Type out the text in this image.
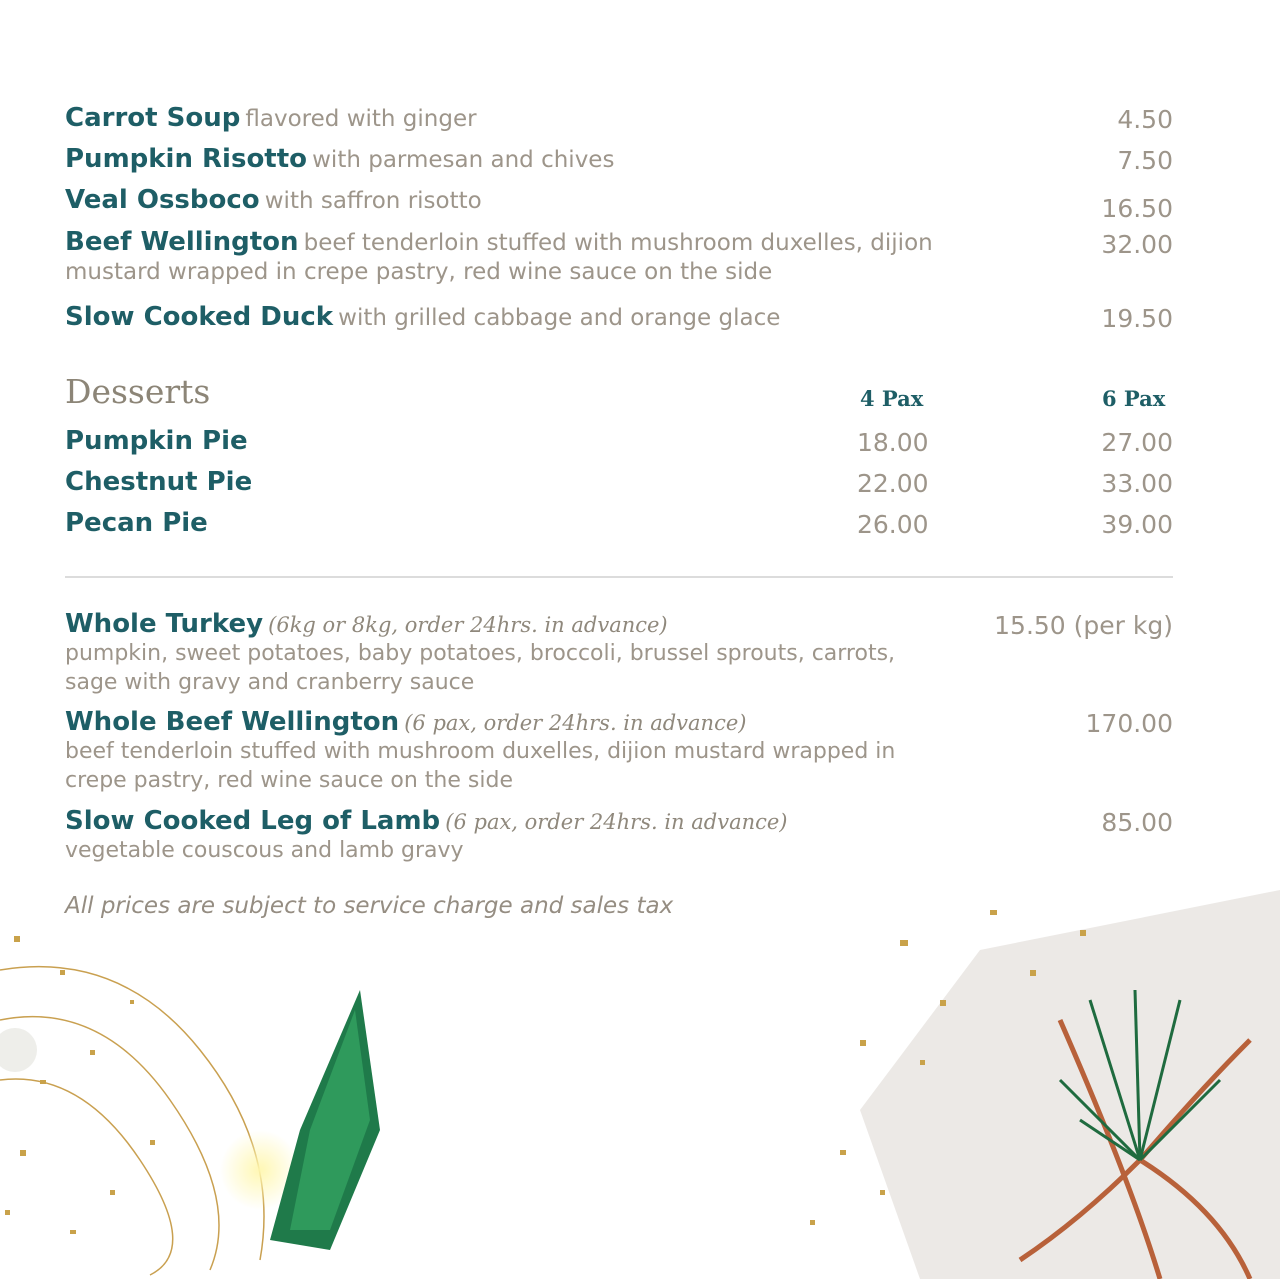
Carrot Soup flavored with ginger	4.50
Pumpkin Risotto with parmesan and chives	7.50
Veal Ossboco with saffron risotto	16.50
Beef Wellington beef tenderloin stuffed with mushroom duxelles, dijion
mustard wrapped in crepe pastry, red wine sauce on the side
32.00
Slow Cooked Duck with grilled cabbage and orange glace	19.50
Desserts	4 Pax	6 Pax
Pumpkin Pie	18.00	27.00
Chestnut Pie	22.00	33.00
Pecan Pie	26.00	39.00
Whole Turkey (6kg or 8kg, order 24hrs. in advance)
pumpkin, sweet potatoes, baby potatoes, broccoli, brussel sprouts, carrots,
sage with gravy and cranberry sauce
15.50 (per kg)
Whole Beef Wellington (6 pax, order 24hrs. in advance)
beef tenderloin stuffed with mushroom duxelles, dijion mustard wrapped in
crepe pastry, red wine sauce on the side
170.00
Slow Cooked Leg of Lamb (6 pax, order 24hrs. in advance)
vegetable couscous and lamb gravy
85.00
All prices are subject to service charge and sales tax
